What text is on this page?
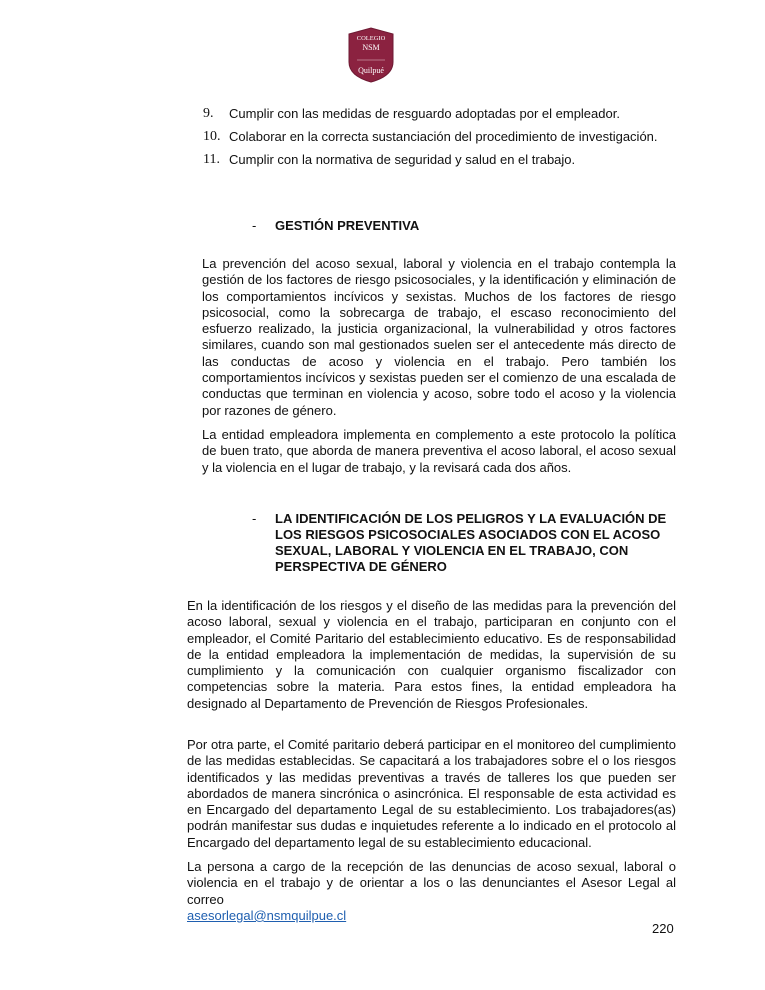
COLEGIO
NSM
Quilpué
9.	Cumplir con las medidas de resguardo adoptadas por el empleador.
10. Colaborar en la correcta sustanciación del procedimiento de investigación.
11. Cumplir con la normativa de seguridad y salud en el trabajo.
-	GESTIÓN PREVENTIVA

La prevención del acoso sexual, laboral y violencia en el trabajo contempla la gestión de los factores de riesgo psicosociales, y la identificación y eliminación de los comportamientos incívicos y sexistas. Muchos de los factores de riesgo psicosocial, como la sobrecarga de trabajo, el escaso reconocimiento del esfuerzo realizado, la justicia organizacional, la vulnerabilidad y otros factores similares, cuando son mal gestionados suelen ser el antecedente más directo de las conductas de acoso y violencia en el trabajo. Pero también los comportamientos incívicos y sexistas pueden ser el comienzo de una escalada de conductas que terminan en violencia y acoso, sobre todo el acoso y la violencia por razones de género.

La entidad empleadora implementa en complemento a este protocolo la política de buen trato, que aborda de manera preventiva el acoso laboral, el acoso sexual y la violencia en el lugar de trabajo, y la revisará cada dos años.

-	LA IDENTIFICACIÓN DE LOS PELIGROS Y LA EVALUACIÓN DE LOS RIESGOS PSICOSOCIALES ASOCIADOS CON EL ACOSO SEXUAL, LABORAL Y VIOLENCIA EN EL TRABAJO, CON PERSPECTIVA DE GÉNERO

En la identificación de los riesgos y el diseño de las medidas para la prevención del acoso laboral, sexual y violencia en el trabajo, participaran en conjunto con el empleador, el Comité Paritario del establecimiento educativo. Es de responsabilidad de la entidad empleadora la implementación de medidas, la supervisión de su cumplimiento y la comunicación con cualquier organismo fiscalizador con competencias sobre la materia. Para estos fines, la entidad empleadora ha designado al Departamento de Prevención de Riesgos Profesionales.

Por otra parte, el Comité paritario deberá participar en el monitoreo del cumplimiento de las medidas establecidas. Se capacitará a los trabajadores sobre el o los riesgos identificados y las medidas preventivas a través de talleres los que pueden ser abordados de manera sincrónica o asincrónica. El responsable de esta actividad es en Encargado del departamento Legal de su establecimiento. Los trabajadores(as) podrán manifestar sus dudas e inquietudes referente a lo indicado en el protocolo al Encargado del departamento legal de su establecimiento educacional.

La persona a cargo de la recepción de las denuncias de acoso sexual, laboral o violencia en el trabajo y de orientar a los o las denunciantes el Asesor Legal al correo
asesorlegal@nsmquilpue.cl

220
